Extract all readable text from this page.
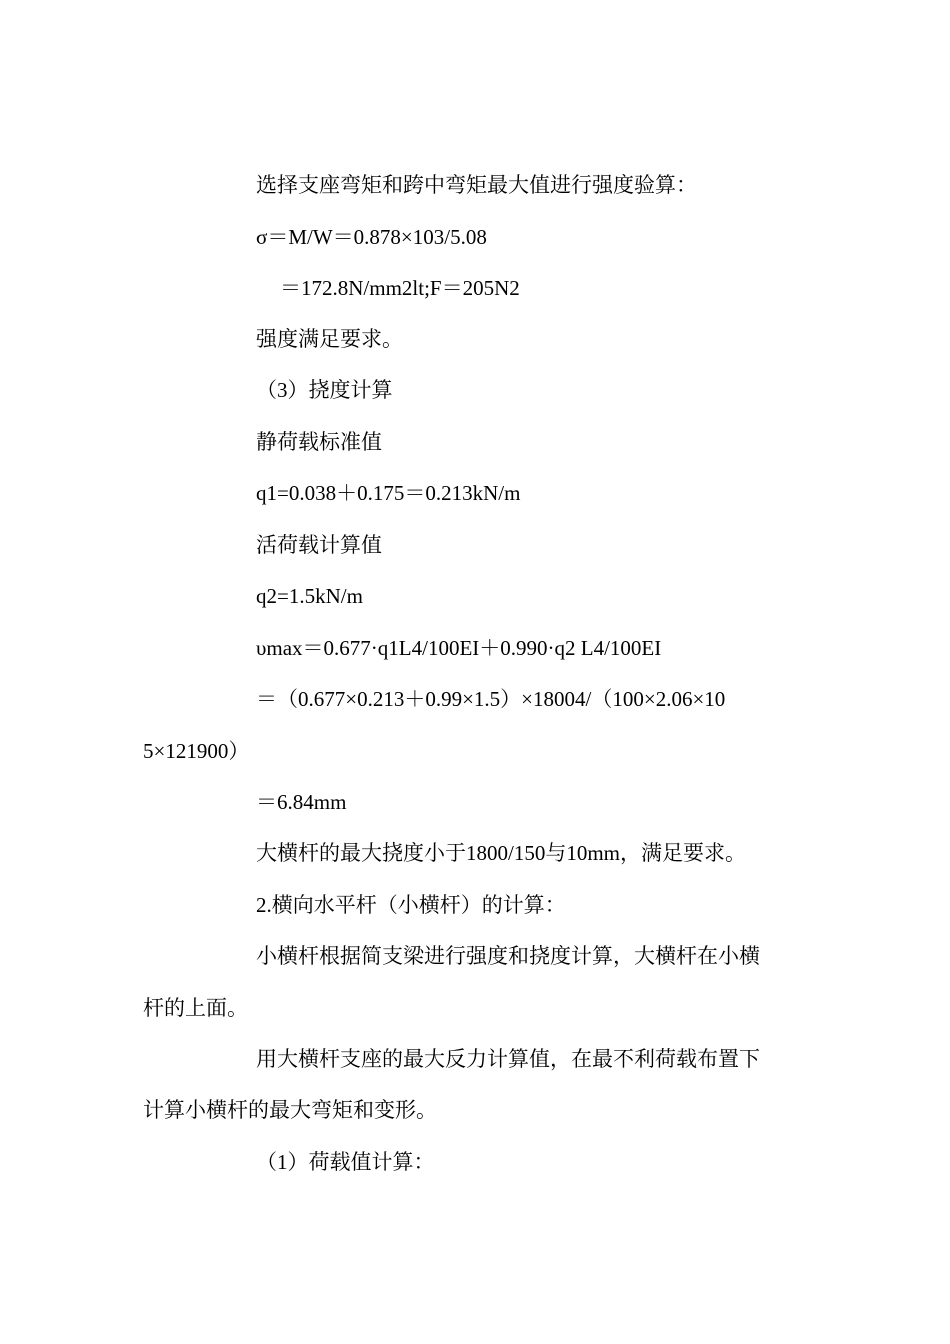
选择支座弯矩和跨中弯矩最大值进行强度验算：
σ＝M/W＝0.878×103/5.08
＝172.8N/mm2lt;F＝205N2
强度满足要求。
（3）挠度计算
静荷载标准值
q1=0.038＋0.175＝0.213kN/m
活荷载计算值
q2=1.5kN/m
υmax＝0.677·q1L4/100EI＋0.990·q2 L4/100EI
＝（0.677×0.213＋0.99×1.5）×18004/（100×2.06×10
5×121900）
＝6.84mm
大横杆的最大挠度小于1800/150与10mm，满足要求。
2.横向水平杆（小横杆）的计算：
小横杆根据简支梁进行强度和挠度计算，大横杆在小横
杆的上面。
用大横杆支座的最大反力计算值，在最不利荷载布置下
计算小横杆的最大弯矩和变形。
（1）荷载值计算：
